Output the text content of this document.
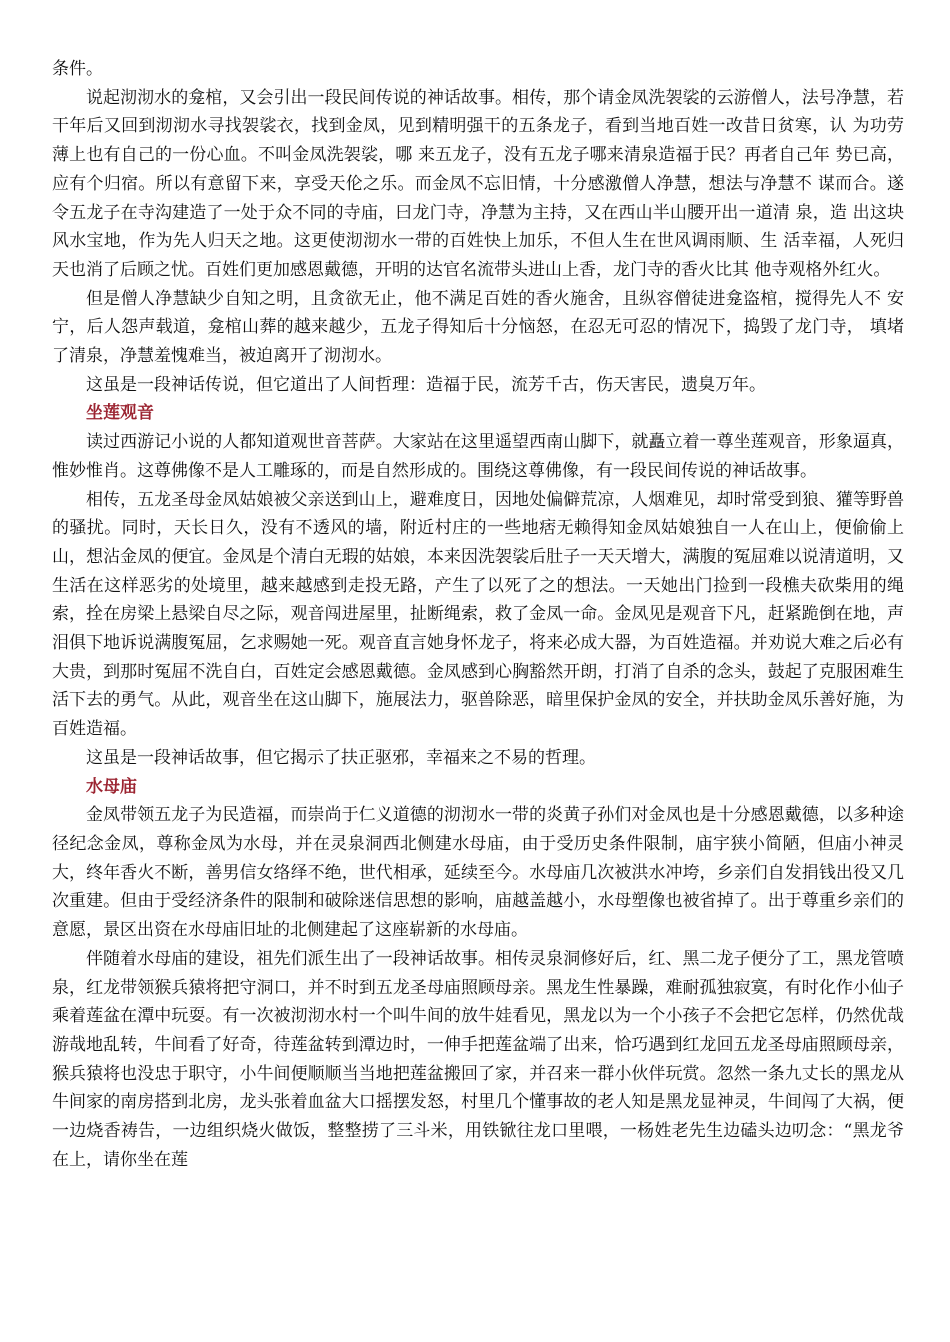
条件。

说起沏沏水的龛棺，又会引出一段民间传说的神话故事。相传，那个请金凤洗袈裟的云游僧人，法号净慧，若干年后又回到沏沏水寻找袈裟衣，找到金凤，见到精明强干的五条龙子，看到当地百姓一改昔日贫寒，认 为功劳薄上也有自己的一份心血。不叫金凤洗袈裟，哪 来五龙子，没有五龙子哪来清泉造福于民？再者自己年 势已高，应有个归宿。所以有意留下来，享受天伦之乐。而金凤不忘旧情，十分感激僧人净慧，想法与净慧不 谋而合。遂令五龙子在寺沟建造了一处于众不同的寺庙，曰龙门寺，净慧为主持，又在西山半山腰开出一道清 泉，造 出这块风水宝地，作为先人归天之地。这更使沏沏水一带的百姓快上加乐，不但人生在世风调雨顺、生 活幸福，人死归天也消了后顾之忧。百姓们更加感恩戴德，开明的达官名流带头进山上香，龙门寺的香火比其 他寺观格外红火。

但是僧人净慧缺少自知之明，且贪欲无止，他不满足百姓的香火施舍，且纵容僧徒进龛盗棺，搅得先人不 安宁，后人怨声载道，龛棺山葬的越来越少，五龙子得知后十分恼怒，在忍无可忍的情况下，捣毁了龙门寺， 填堵了清泉，净慧羞愧难当，被迫离开了沏沏水。

这虽是一段神话传说，但它道出了人间哲理：造福于民，流芳千古，伤天害民，遗臭万年。

坐莲观音

读过西游记小说的人都知道观世音菩萨。大家站在这里遥望西南山脚下，就矗立着一尊坐莲观音，形象逼真，惟妙惟肖。这尊佛像不是人工雕琢的，而是自然形成的。围绕这尊佛像，有一段民间传说的神话故事。

相传，五龙圣母金凤姑娘被父亲送到山上，避难度日，因地处偏僻荒凉，人烟难见，却时常受到狼、獾等野兽的骚扰。同时，天长日久，没有不透风的墙，附近村庄的一些地痞无赖得知金凤姑娘独自一人在山上，便偷偷上山，想沾金凤的便宜。金凤是个清白无瑕的姑娘，本来因洗袈裟后肚子一天天增大，满腹的冤屈难以说清道明，又生活在这样恶劣的处境里，越来越感到走投无路，产生了以死了之的想法。一天她出门捡到一段樵夫砍柴用的绳索，拴在房梁上悬梁自尽之际，观音闯进屋里，扯断绳索，救了金凤一命。金凤见是观音下凡，赶紧跪倒在地，声泪俱下地诉说满腹冤屈，乞求赐她一死。观音直言她身怀龙子，将来必成大器，为百姓造福。并劝说大难之后必有大贵，到那时冤屈不洗自白，百姓定会感恩戴德。金凤感到心胸豁然开朗，打消了自杀的念头，鼓起了克服困难生活下去的勇气。从此，观音坐在这山脚下，施展法力，驱兽除恶，暗里保护金凤的安全，并扶助金凤乐善好施，为百姓造福。

这虽是一段神话故事，但它揭示了扶正驱邪，幸福来之不易的哲理。

水母庙

金凤带领五龙子为民造福，而崇尚于仁义道德的沏沏水一带的炎黄子孙们对金凤也是十分感恩戴德，以多种途径纪念金凤，尊称金凤为水母，并在灵泉洞西北侧建水母庙，由于受历史条件限制，庙宇狭小简陋，但庙小神灵大，终年香火不断，善男信女络绎不绝，世代相承，延续至今。水母庙几次被洪水冲垮，乡亲们自发捐钱出役又几次重建。但由于受经济条件的限制和破除迷信思想的影响，庙越盖越小，水母塑像也被省掉了。出于尊重乡亲们的意愿，景区出资在水母庙旧址的北侧建起了这座崭新的水母庙。

伴随着水母庙的建设，祖先们派生出了一段神话故事。相传灵泉洞修好后，红、黑二龙子便分了工，黑龙管喷泉，红龙带领猴兵猿将把守洞口，并不时到五龙圣母庙照顾母亲。黑龙生性暴躁，难耐孤独寂寞，有时化作小仙子乘着莲盆在潭中玩耍。有一次被沏沏水村一个叫牛间的放牛娃看见，黑龙以为一个小孩子不会把它怎样，仍然优哉游哉地乱转，牛间看了好奇，待莲盆转到潭边时，一伸手把莲盆端了出来，恰巧遇到红龙回五龙圣母庙照顾母亲，猴兵猿将也没忠于职守，小牛间便顺顺当当地把莲盆搬回了家，并召来一群小伙伴玩赏。忽然一条九丈长的黑龙从牛间家的南房搭到北房，龙头张着血盆大口摇摆发怒，村里几个懂事故的老人知是黑龙显神灵，牛间闯了大祸，便一边烧香祷告，一边组织烧火做饭，整整捞了三斗米，用铁锨往龙口里喂，一杨姓老先生边磕头边叨念：“黑龙爷在上，请你坐在莲
